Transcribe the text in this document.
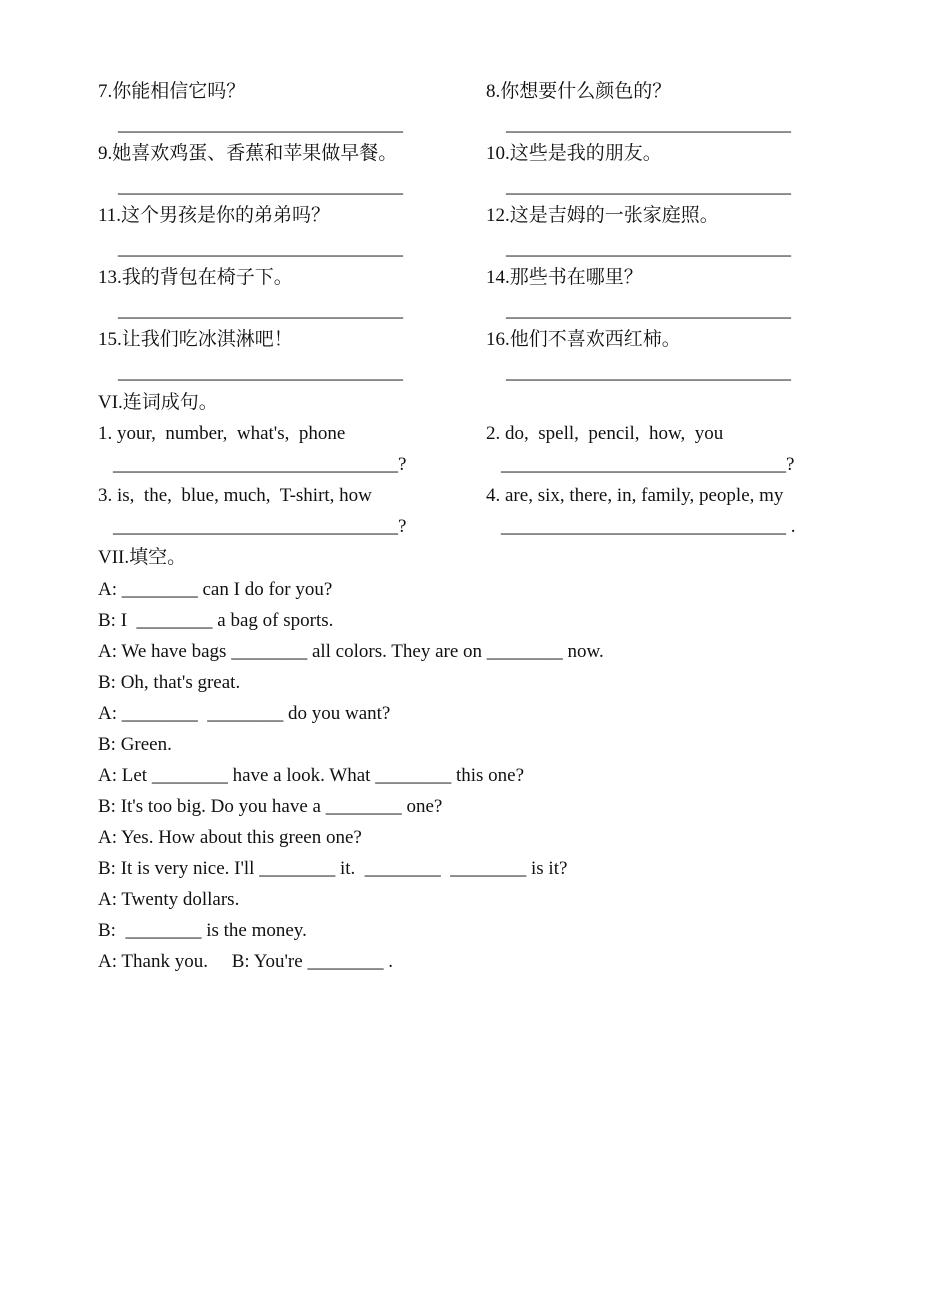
7.你能相信它吗？	8.你想要什么颜色的？
______________________________	______________________________
9.她喜欢鸡蛋、香蕉和苹果做早餐。	10.这些是我的朋友。
______________________________	______________________________
11.这个男孩是你的弟弟吗？	12.这是吉姆的一张家庭照。
______________________________	______________________________
13.我的背包在椅子下。	14.那些书在哪里？
______________________________	______________________________
15.让我们吃冰淇淋吧！	16.他们不喜欢西红柿。
______________________________	______________________________
VI.连词成句。
1. your,  number,  what's,  phone	2. do,  spell,  pencil,  how,  you
______________________________?	______________________________?
3. is,  the,  blue, much,  T-shirt, how	4. are, six, there, in, family, people, my
______________________________?	______________________________ .
VII.填空。
A: ________ can I do for you?
B: I  ________ a bag of sports.
A: We have bags ________ all colors. They are on ________ now.
B: Oh, that's great.
A: ________  ________ do you want?
B: Green.
A: Let ________ have a look. What ________ this one?
B: It's too big. Do you have a ________ one?
A: Yes. How about this green one?
B: It is very nice. I'll ________ it.  ________  ________ is it?
A: Twenty dollars.
B:  ________ is the money.
A: Thank you.     B: You're ________ .
